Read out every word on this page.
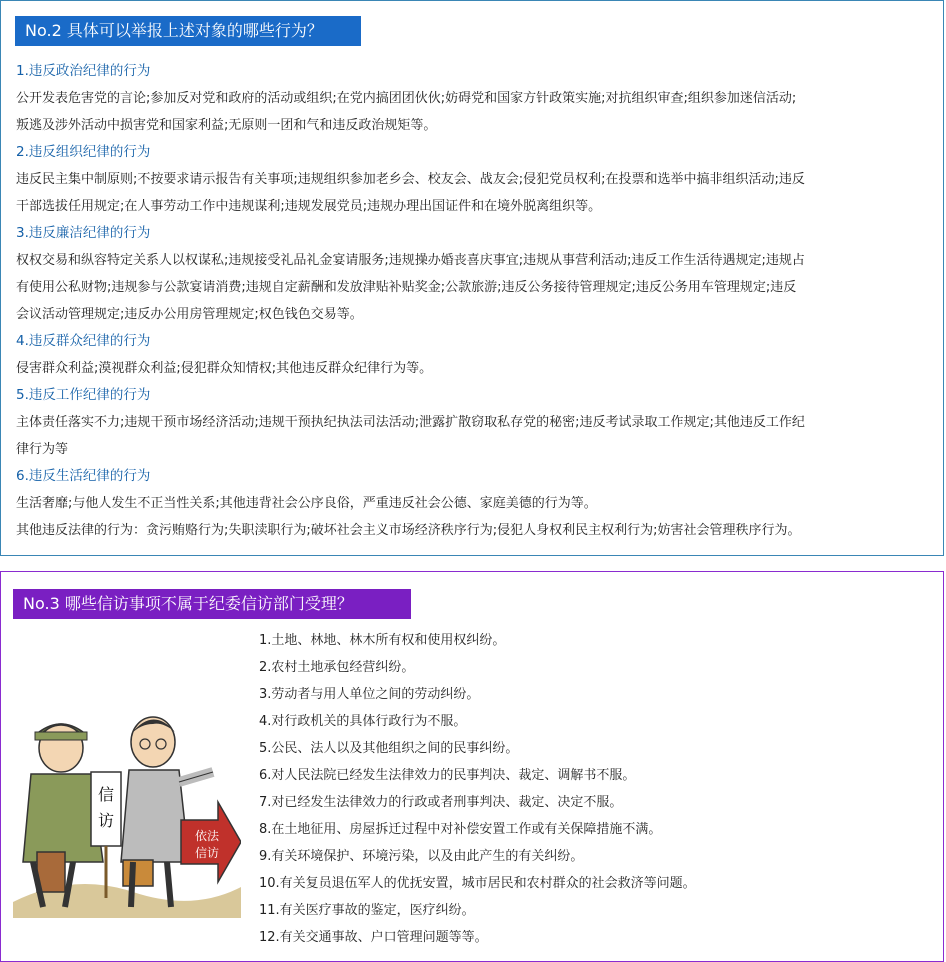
No.2 具体可以举报上述对象的哪些行为？
1.违反政治纪律的行为
公开发表危害党的言论;参加反对党和政府的活动或组织;在党内搞团团伙伙;妨碍党和国家方针政策实施;对抗组织审查;组织参加迷信活动;
叛逃及涉外活动中损害党和国家利益;无原则一团和气和违反政治规矩等。
2.违反组织纪律的行为
违反民主集中制原则;不按要求请示报告有关事项;违规组织参加老乡会、校友会、战友会;侵犯党员权利;在投票和选举中搞非组织活动;违反
干部选拔任用规定;在人事劳动工作中违规谋利;违规发展党员;违规办理出国证件和在境外脱离组织等。
3.违反廉洁纪律的行为
权权交易和纵容特定关系人以权谋私;违规接受礼品礼金宴请服务;违规操办婚丧喜庆事宜;违规从事营利活动;违反工作生活待遇规定;违规占
有使用公私财物;违规参与公款宴请消费;违规自定薪酬和发放津贴补贴奖金;公款旅游;违反公务接待管理规定;违反公务用车管理规定;违反
会议活动管理规定;违反办公用房管理规定;权色钱色交易等。
4.违反群众纪律的行为
侵害群众利益;漠视群众利益;侵犯群众知情权;其他违反群众纪律行为等。
5.违反工作纪律的行为
主体责任落实不力;违规干预市场经济活动;违规干预执纪执法司法活动;泄露扩散窃取私存党的秘密;违反考试录取工作规定;其他违反工作纪
律行为等
6.违反生活纪律的行为
生活奢靡;与他人发生不正当性关系;其他违背社会公序良俗，严重违反社会公德、家庭美德的行为等。
其他违反法律的行为：贪污贿赂行为;失职渎职行为;破坏社会主义市场经济秩序行为;侵犯人身权利民主权利行为;妨害社会管理秩序行为。
No.3 哪些信访事项不属于纪委信访部门受理？
信
访
依法
信访
1.土地、林地、林木所有权和使用权纠纷。
2.农村土地承包经营纠纷。
3.劳动者与用人单位之间的劳动纠纷。
4.对行政机关的具体行政行为不服。
5.公民、法人以及其他组织之间的民事纠纷。
6.对人民法院已经发生法律效力的民事判决、裁定、调解书不服。
7.对已经发生法律效力的行政或者刑事判决、裁定、决定不服。
8.在土地征用、房屋拆迁过程中对补偿安置工作或有关保障措施不满。
9.有关环境保护、环境污染，以及由此产生的有关纠纷。
10.有关复员退伍军人的优抚安置，城市居民和农村群众的社会救济等问题。
11.有关医疗事故的鉴定，医疗纠纷。
12.有关交通事故、户口管理问题等等。
